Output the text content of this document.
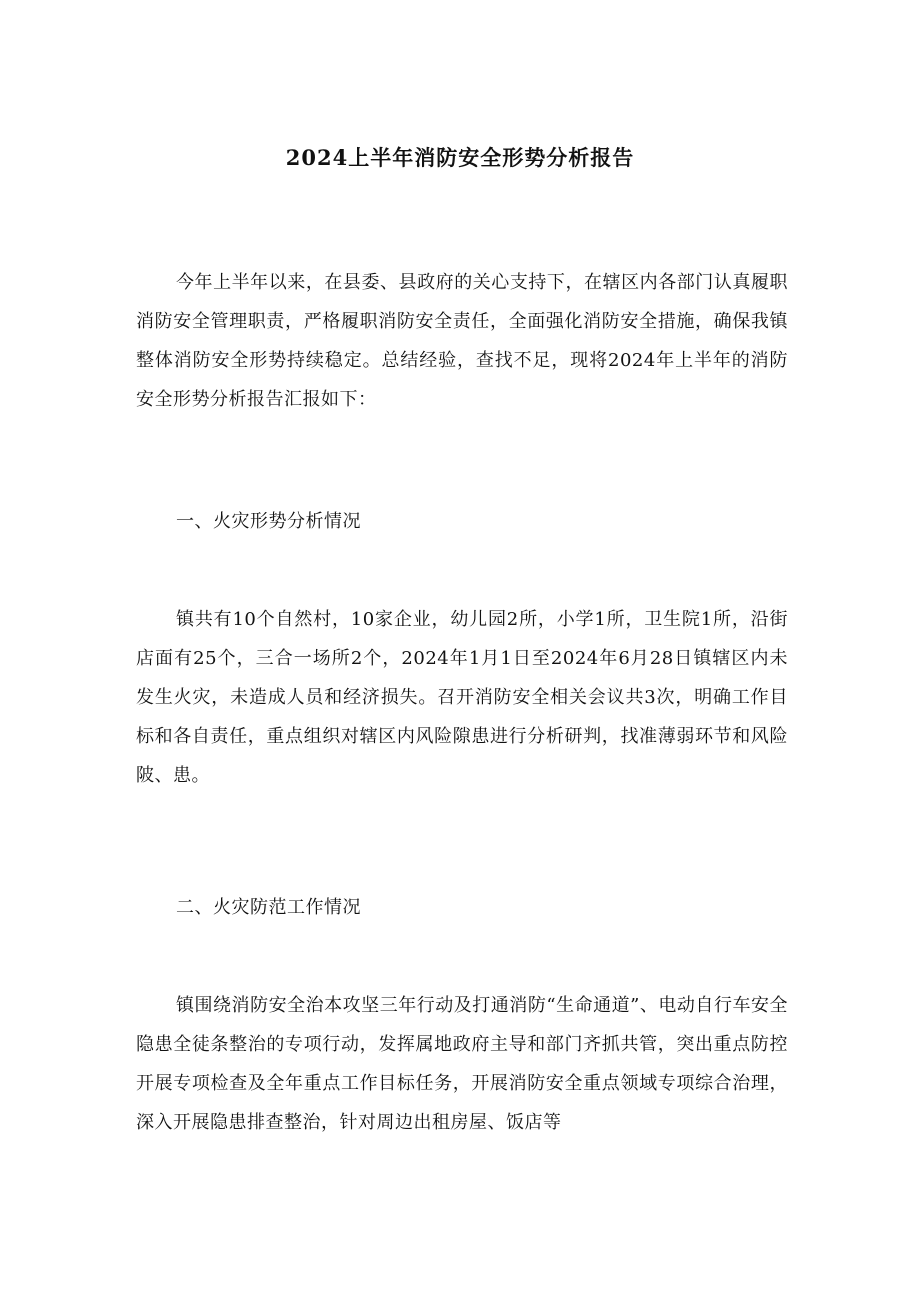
2024上半年消防安全形势分析报告

今年上半年以来，在县委、县政府的关心支持下，在辖区内各部门认真履职消防安全管理职责，严格履职消防安全责任，全面强化消防安全措施，确保我镇整体消防安全形势持续稳定。总结经验，查找不足，现将2024年上半年的消防安全形势分析报告汇报如下：

一、火灾形势分析情况

镇共有10个自然村，10家企业，幼儿园2所，小学1所，卫生院1所，沿街店面有25个，三合一场所2个，2024年1月1日至2024年6月28日镇辖区内未发生火灾，未造成人员和经济损失。召开消防安全相关会议共3次，明确工作目标和各自责任，重点组织对辖区内风险隙患进行分析研判，找准薄弱环节和风险陂、患。

二、火灾防范工作情况

镇围绕消防安全治本攻坚三年行动及打通消防“生命通道”、电动自行车安全隐患全徒条整治的专项行动，发挥属地政府主导和部门齐抓共管，突出重点防控开展专项检查及全年重点工作目标任务，开展消防安全重点领域专项综合治理，深入开展隐患排查整治，针对周边出租房屋、饭店等
